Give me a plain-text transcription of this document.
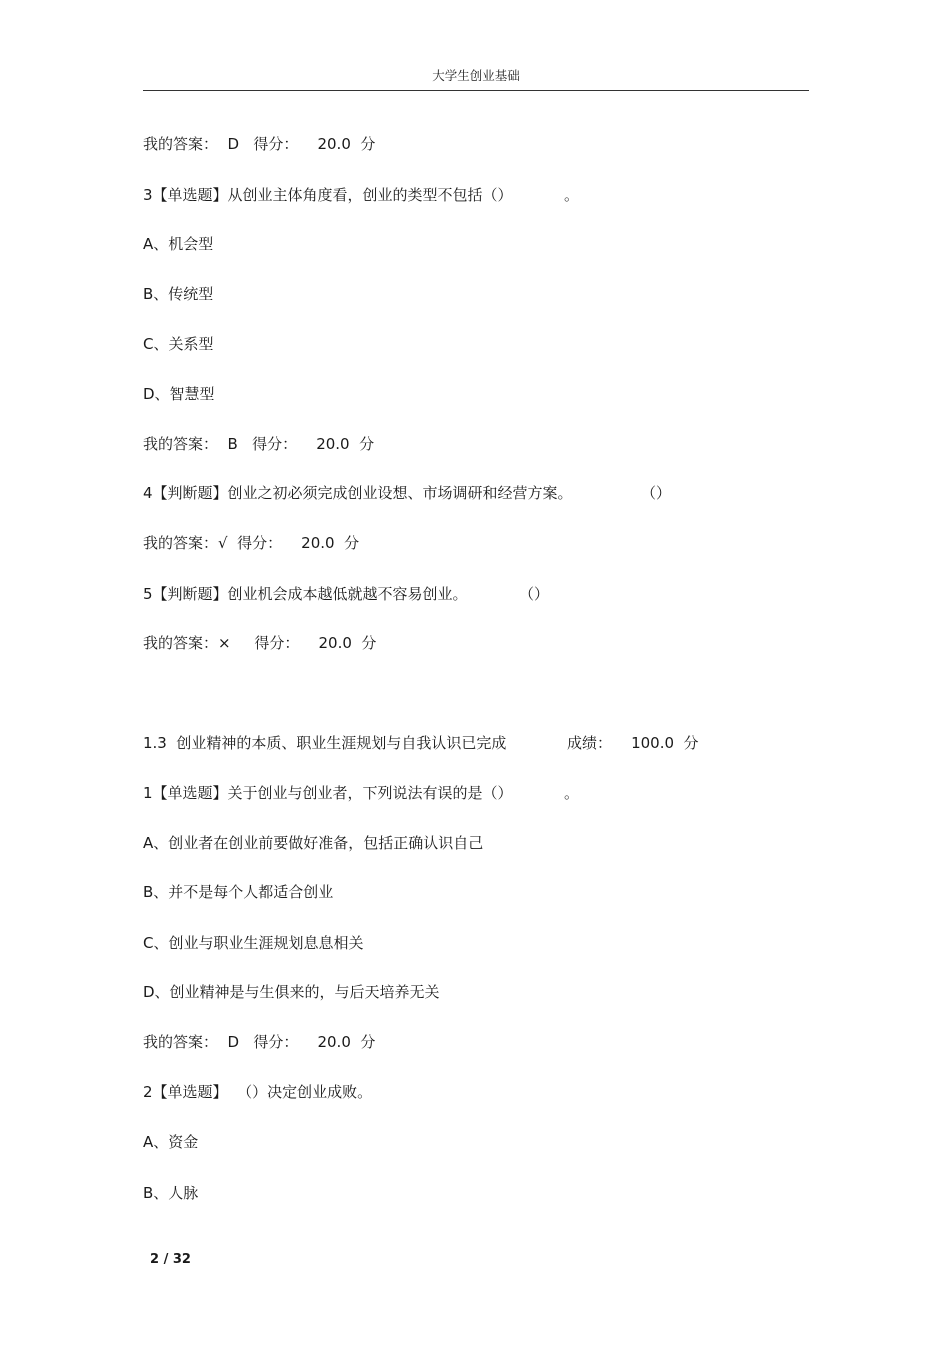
大学生创业基础
我的答案：  D   得分：    20.0  分
3【单选题】从创业主体角度看，创业的类型不包括（）	。
A、机会型
B、传统型
C、关系型
D、智慧型
我的答案：  B   得分：    20.0  分
4【判断题】创业之初必须完成创业设想、市场调研和经营方案。	（）
我的答案：√  得分：    20.0  分
5【判断题】创业机会成本越低就越不容易创业。	（）
我的答案：×     得分：    20.0  分
1.3  创业精神的本质、职业生涯规划与自我认识已完成	成绩：    100.0  分
1【单选题】关于创业与创业者，下列说法有误的是（）	。
A、创业者在创业前要做好准备，包括正确认识自己
B、并不是每个人都适合创业
C、创业与职业生涯规划息息相关
D、创业精神是与生俱来的，与后天培养无关
我的答案：  D   得分：    20.0  分
2【单选题】  （）决定创业成败。
A、资金
B、人脉
2 / 32
